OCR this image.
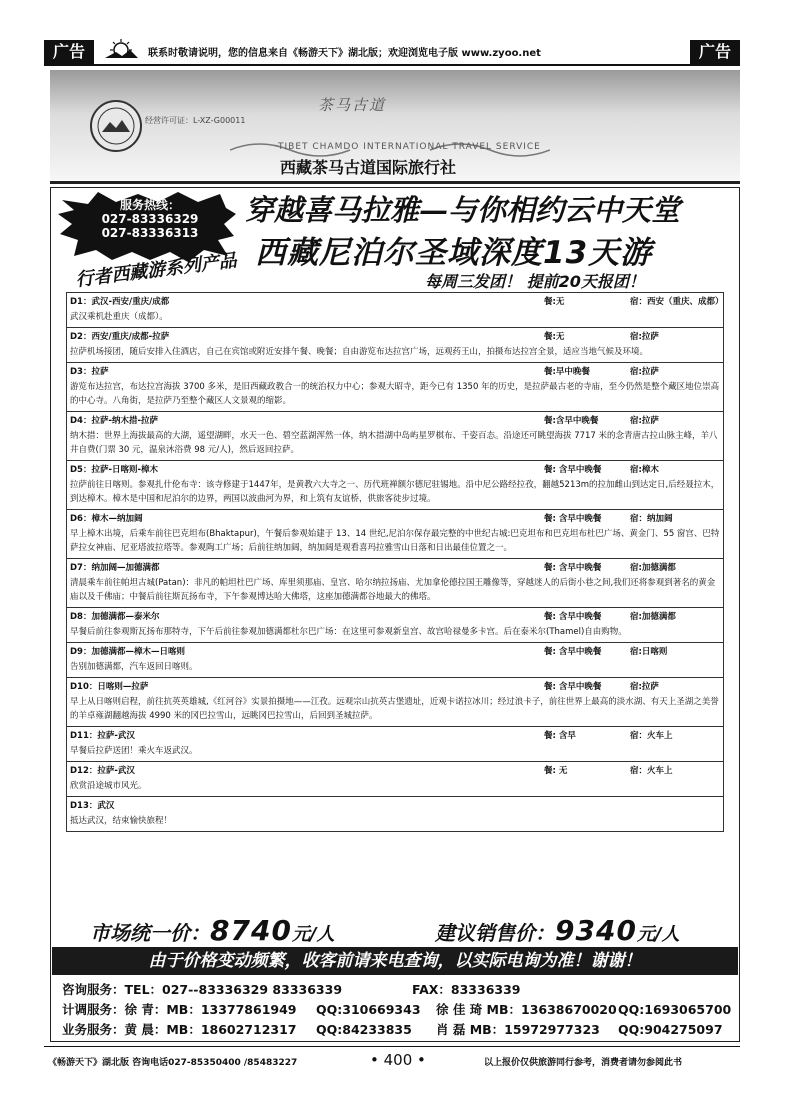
广告	联系时敬请说明，您的信息来自《畅游天下》湖北版；欢迎浏览电子版 www.zyoo.net	广告
经营许可证：L-XZ-G00011
茶马古道
TIBET CHAMDO INTERNATIONAL TRAVEL SERVICE
西藏茶马古道国际旅行社
服务热线：
027-83336329
027-83336313
行者西藏游系列产品
穿越喜马拉雅—与你相约云中天堂
西藏尼泊尔圣域深度13天游
每周三发团！ 提前20天报团！
D1：武汉-西安/重庆/成都	餐:无	宿：西安（重庆、成都）
武汉乘机赴重庆（成都）。
D2：西安/重庆/成都-拉萨	餐:无	宿:拉萨
拉萨机场接团，随后安排入住酒店，自己在宾馆或附近安排午餐、晚餐；自由游览布达拉宫广场，远观药王山，拍摄布达拉宫全景，适应当地气候及环境。
D3：拉萨	餐:早中晚餐	宿:拉萨
游览布达拉宫，布达拉宫海拔 3700 多米，是旧西藏政教合一的统治权力中心；参观大昭寺，距今已有 1350 年的历史，是拉萨最古老的寺庙，至今仍然是整个藏区地位崇高的中心寺。八角街，是拉萨乃至整个藏区人文景观的缩影。
D4：拉萨-纳木措-拉萨	餐:含早中晚餐	宿:拉萨
纳木措：世界上海拔最高的大湖，遥望湖畔，水天一色、碧空蓝湖浑然一体，纳木措湖中岛屿星罗棋布、千姿百态。沿途还可眺望海拔 7717 米的念青唐古拉山脉主峰，羊八井自费(门票 30 元，温泉沐浴费 98 元/人)，然后返回拉萨。
D5：拉萨-日喀则-樟木	餐: 含早中晚餐	宿:樟木
拉萨前往日喀则。参观扎什伦布寺：该寺修建于1447年，是黄教六大寺之一、历代班禅额尔德尼驻锡地。沿中尼公路经拉孜，翻越5213m的拉加雌山到达定日,后经聂拉木，到达樟木。樟木是中国和尼泊尔的边界，两国以波曲河为界，和上筑有友谊桥，供旅客徒步过境。
D6：樟木—纳加阔	餐: 含早中晚餐	宿：纳加阔
早上樟木出境，后乘车前往巴克坦布(Bhaktapur)，午餐后参观始建于 13、14 世纪,尼泊尔保存最完整的中世纪古城:巴克坦布和巴克坦布杜巴广场、黄金门、55 窗宫、巴特萨拉女神庙、尼亚塔波拉塔等。参观陶工广场；后前往纳加阔，纳加阔是观看喜玛拉雅雪山日落和日出最佳位置之一。
D7：纳加阔—加德满都	餐: 含早中晚餐	宿:加德满都
清晨乘车前往帕坦古城(Patan)：非凡的帕坦杜巴广场、库里须那庙、皇宫、哈尔纳拉扬庙、尤加拿伦德拉国王雕像等，穿越迷人的后街小巷之间,我们还将参观到著名的黄金庙以及千佛庙；中餐后前往斯瓦扬布寺，下午参观博达哈大佛塔，这座加德满都谷地最大的佛塔。
D8：加德满都—泰米尔	餐: 含早中晚餐	宿:加德满都
早餐后前往参观斯瓦扬布那特寺，下午后前往参观加德满都杜尔巴广场：在这里可参观新皇宫、故宫哈禄曼多卡宫。后在泰米尔(Thamel)自由购物。
D9：加德满都—樟木—日喀则	餐: 含早中晚餐	宿:日喀则
告别加德满都，汽车返回日喀则。
D10：日喀则—拉萨	餐: 含早中晚餐	宿:拉萨
早上从日喀则启程，前往抗英英雄城,《红河谷》实景拍摄地——江孜。远观宗山抗英古堡遗址，近观卡诺拉冰川；经过浪卡子，前往世界上最高的淡水湖、有天上圣湖之美誉的羊卓雍湖翻越海拔 4990 米的冈巴拉雪山，远眺冈巴拉雪山，后回到圣城拉萨。
D11：拉萨-武汉	餐: 含早	宿：火车上
早餐后拉萨送团！乘火车返武汉。
D12：拉萨-武汉	餐: 无	宿：火车上
欣赏沿途城市风光。
D13：武汉
抵达武汉，结束愉快旅程！
市场统一价：8740元/人	建议销售价：9340元/人
由于价格变动频繁，收客前请来电查询，以实际电询为准！谢谢！
咨询服务：TEL：027--83336329 83336339	FAX：83336339
计调服务：徐 青：MB：13377861949 QQ:310669343 徐 佳 琦 MB：13638670020 QQ:1693065700
业务服务：黄 晨：MB：18602712317 QQ:84233835 肖 磊 MB：15972977323 QQ:904275097
《畅游天下》湖北版 咨询电话027-85350400 /85483227	• 400 •	以上报价仅供旅游同行参考，消费者请勿参阅此书
